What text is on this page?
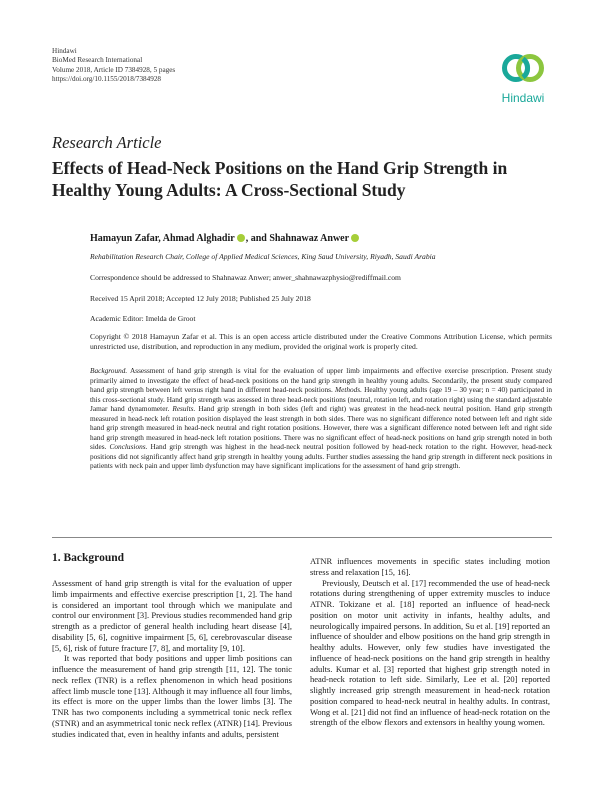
Hindawi
BioMed Research International
Volume 2018, Article ID 7384928, 5 pages
https://doi.org/10.1155/2018/7384928
Hindawi
Research Article
Effects of Head-Neck Positions on the Hand Grip Strength in Healthy Young Adults: A Cross-Sectional Study
Hamayun Zafar, Ahmad Alghadir , and Shahnawaz Anwer
Rehabilitation Research Chair, College of Applied Medical Sciences, King Saud University, Riyadh, Saudi Arabia
Correspondence should be addressed to Shahnawaz Anwer; anwer_shahnawazphysio@rediffmail.com
Received 15 April 2018; Accepted 12 July 2018; Published 25 July 2018
Academic Editor: Imelda de Groot
Copyright © 2018 Hamayun Zafar et al. This is an open access article distributed under the Creative Commons Attribution License, which permits unrestricted use, distribution, and reproduction in any medium, provided the original work is properly cited.
Background. Assessment of hand grip strength is vital for the evaluation of upper limb impairments and effective exercise prescription. Present study primarily aimed to investigate the effect of head-neck positions on the hand grip strength in healthy young adults. Secondarily, the present study compared hand grip strength between left versus right hand in different head-neck positions. Methods. Healthy young adults (age 19 – 30 year; n = 40) participated in this cross-sectional study. Hand grip strength was assessed in three head-neck positions (neutral, rotation left, and rotation right) using the standard adjustable Jamar hand dynamometer. Results. Hand grip strength in both sides (left and right) was greatest in the head-neck neutral position. Hand grip strength measured in head-neck left rotation position displayed the least strength in both sides. There was no significant difference noted between left and right side hand grip strength measured in head-neck neutral and right rotation positions. However, there was a significant difference noted between left and right side hand grip strength measured in head-neck left rotation positions. There was no significant effect of head-neck positions on hand grip strength noted in both sides. Conclusions. Hand grip strength was highest in the head-neck neutral position followed by head-neck rotation to the right. However, head-neck positions did not significantly affect hand grip strength in healthy young adults. Further studies assessing the hand grip strength in different neck positions in patients with neck pain and upper limb dysfunction may have significant implications for the assessment of hand grip strength.
1. Background

Assessment of hand grip strength is vital for the evaluation of upper limb impairments and effective exercise prescription [1, 2]. The hand is considered an important tool through which we manipulate and control our environment [3]. Previous studies recommended hand grip strength as a predictor of general health including heart disease [4], disability [5, 6], cognitive impairment [5, 6], cerebrovascular disease [5, 6], risk of future fracture [7, 8], and mortality [9, 10].

It was reported that body positions and upper limb positions can influence the measurement of hand grip strength [11, 12]. The tonic neck reflex (TNR) is a reflex phenomenon in which head positions affect limb muscle tone [13]. Although it may influence all four limbs, its effect is more on the upper limbs than the lower limbs [3]. The TNR has two components including a symmetrical tonic neck reflex (STNR) and an asymmetrical tonic neck reflex (ATNR) [14]. Previous studies indicated that, even in healthy infants and adults, persistent

ATNR influences movements in specific states including motion stress and relaxation [15, 16].

Previously, Deutsch et al. [17] recommended the use of head-neck rotations during strengthening of upper extremity muscles to induce ATNR. Tokizane et al. [18] reported an influence of head-neck position on motor unit activity in infants, healthy adults, and neurologically impaired persons. In addition, Su et al. [19] reported an influence of shoulder and elbow positions on the hand grip strength in healthy adults. However, only few studies have investigated the influence of head-neck positions on the hand grip strength in healthy adults. Kumar et al. [3] reported that highest grip strength noted in head-neck rotation to left side. Similarly, Lee et al. [20] reported slightly increased grip strength measurement in head-neck rotation position compared to head-neck neutral in healthy adults. In contrast, Wong et al. [21] did not find an influence of head-neck rotation on the strength of the elbow flexors and extensors in healthy young women.
